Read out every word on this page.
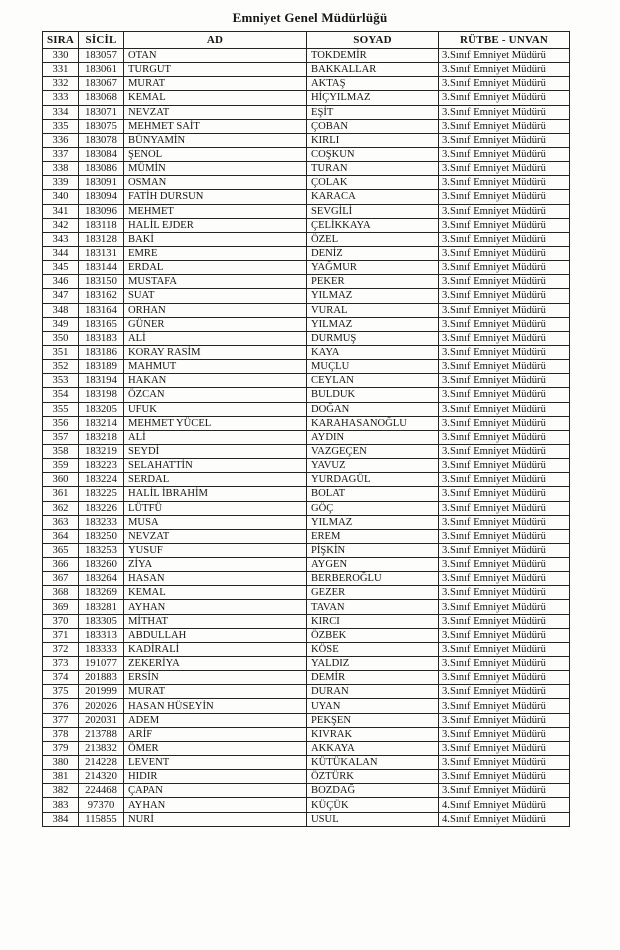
Emniyet Genel Müdürlüğü
SIRA	SİCİL	AD	SOYAD	RÜTBE - UNVAN
330	183057	OTAN	TOKDEMİR	3.Sınıf Emniyet Müdürü
331	183061	TURGUT	BAKKALLAR	3.Sınıf Emniyet Müdürü
332	183067	MURAT	AKTAŞ	3.Sınıf Emniyet Müdürü
333	183068	KEMAL	HİÇYILMAZ	3.Sınıf Emniyet Müdürü
334	183071	NEVZAT	EŞİT	3.Sınıf Emniyet Müdürü
335	183075	MEHMET SAİT	ÇOBAN	3.Sınıf Emniyet Müdürü
336	183078	BÜNYAMİN	KIRLI	3.Sınıf Emniyet Müdürü
337	183084	ŞENOL	COŞKUN	3.Sınıf Emniyet Müdürü
338	183086	MÜMİN	TURAN	3.Sınıf Emniyet Müdürü
339	183091	OSMAN	ÇOLAK	3.Sınıf Emniyet Müdürü
340	183094	FATİH DURSUN	KARACA	3.Sınıf Emniyet Müdürü
341	183096	MEHMET	SEVGİLİ	3.Sınıf Emniyet Müdürü
342	183118	HALİL EJDER	ÇELİKKAYA	3.Sınıf Emniyet Müdürü
343	183128	BAKİ	ÖZEL	3.Sınıf Emniyet Müdürü
344	183131	EMRE	DENİZ	3.Sınıf Emniyet Müdürü
345	183144	ERDAL	YAĞMUR	3.Sınıf Emniyet Müdürü
346	183150	MUSTAFA	PEKER	3.Sınıf Emniyet Müdürü
347	183162	SUAT	YILMAZ	3.Sınıf Emniyet Müdürü
348	183164	ORHAN	VURAL	3.Sınıf Emniyet Müdürü
349	183165	GÜNER	YILMAZ	3.Sınıf Emniyet Müdürü
350	183183	ALİ	DURMUŞ	3.Sınıf Emniyet Müdürü
351	183186	KORAY RASİM	KAYA	3.Sınıf Emniyet Müdürü
352	183189	MAHMUT	MUÇLU	3.Sınıf Emniyet Müdürü
353	183194	HAKAN	CEYLAN	3.Sınıf Emniyet Müdürü
354	183198	ÖZCAN	BULDUK	3.Sınıf Emniyet Müdürü
355	183205	UFUK	DOĞAN	3.Sınıf Emniyet Müdürü
356	183214	MEHMET YÜCEL	KARAHASANOĞLU	3.Sınıf Emniyet Müdürü
357	183218	ALİ	AYDIN	3.Sınıf Emniyet Müdürü
358	183219	SEYDİ	VAZGEÇEN	3.Sınıf Emniyet Müdürü
359	183223	SELAHATTİN	YAVUZ	3.Sınıf Emniyet Müdürü
360	183224	SERDAL	YURDAGÜL	3.Sınıf Emniyet Müdürü
361	183225	HALİL İBRAHİM	BOLAT	3.Sınıf Emniyet Müdürü
362	183226	LÜTFÜ	GÖÇ	3.Sınıf Emniyet Müdürü
363	183233	MUSA	YILMAZ	3.Sınıf Emniyet Müdürü
364	183250	NEVZAT	EREM	3.Sınıf Emniyet Müdürü
365	183253	YUSUF	PİŞKİN	3.Sınıf Emniyet Müdürü
366	183260	ZİYA	AYGEN	3.Sınıf Emniyet Müdürü
367	183264	HASAN	BERBEROĞLU	3.Sınıf Emniyet Müdürü
368	183269	KEMAL	GEZER	3.Sınıf Emniyet Müdürü
369	183281	AYHAN	TAVAN	3.Sınıf Emniyet Müdürü
370	183305	MİTHAT	KIRCI	3.Sınıf Emniyet Müdürü
371	183313	ABDULLAH	ÖZBEK	3.Sınıf Emniyet Müdürü
372	183333	KADİRALİ	KÖSE	3.Sınıf Emniyet Müdürü
373	191077	ZEKERİYA	YALDIZ	3.Sınıf Emniyet Müdürü
374	201883	ERSİN	DEMİR	3.Sınıf Emniyet Müdürü
375	201999	MURAT	DURAN	3.Sınıf Emniyet Müdürü
376	202026	HASAN HÜSEYİN	UYAN	3.Sınıf Emniyet Müdürü
377	202031	ADEM	PEKŞEN	3.Sınıf Emniyet Müdürü
378	213788	ARİF	KIVRAK	3.Sınıf Emniyet Müdürü
379	213832	ÖMER	AKKAYA	3.Sınıf Emniyet Müdürü
380	214228	LEVENT	KÜTÜKALAN	3.Sınıf Emniyet Müdürü
381	214320	HIDIR	ÖZTÜRK	3.Sınıf Emniyet Müdürü
382	224468	ÇAPAN	BOZDAĞ	3.Sınıf Emniyet Müdürü
383	97370	AYHAN	KÜÇÜK	4.Sınıf Emniyet Müdürü
384	115855	NURİ	USUL	4.Sınıf Emniyet Müdürü
